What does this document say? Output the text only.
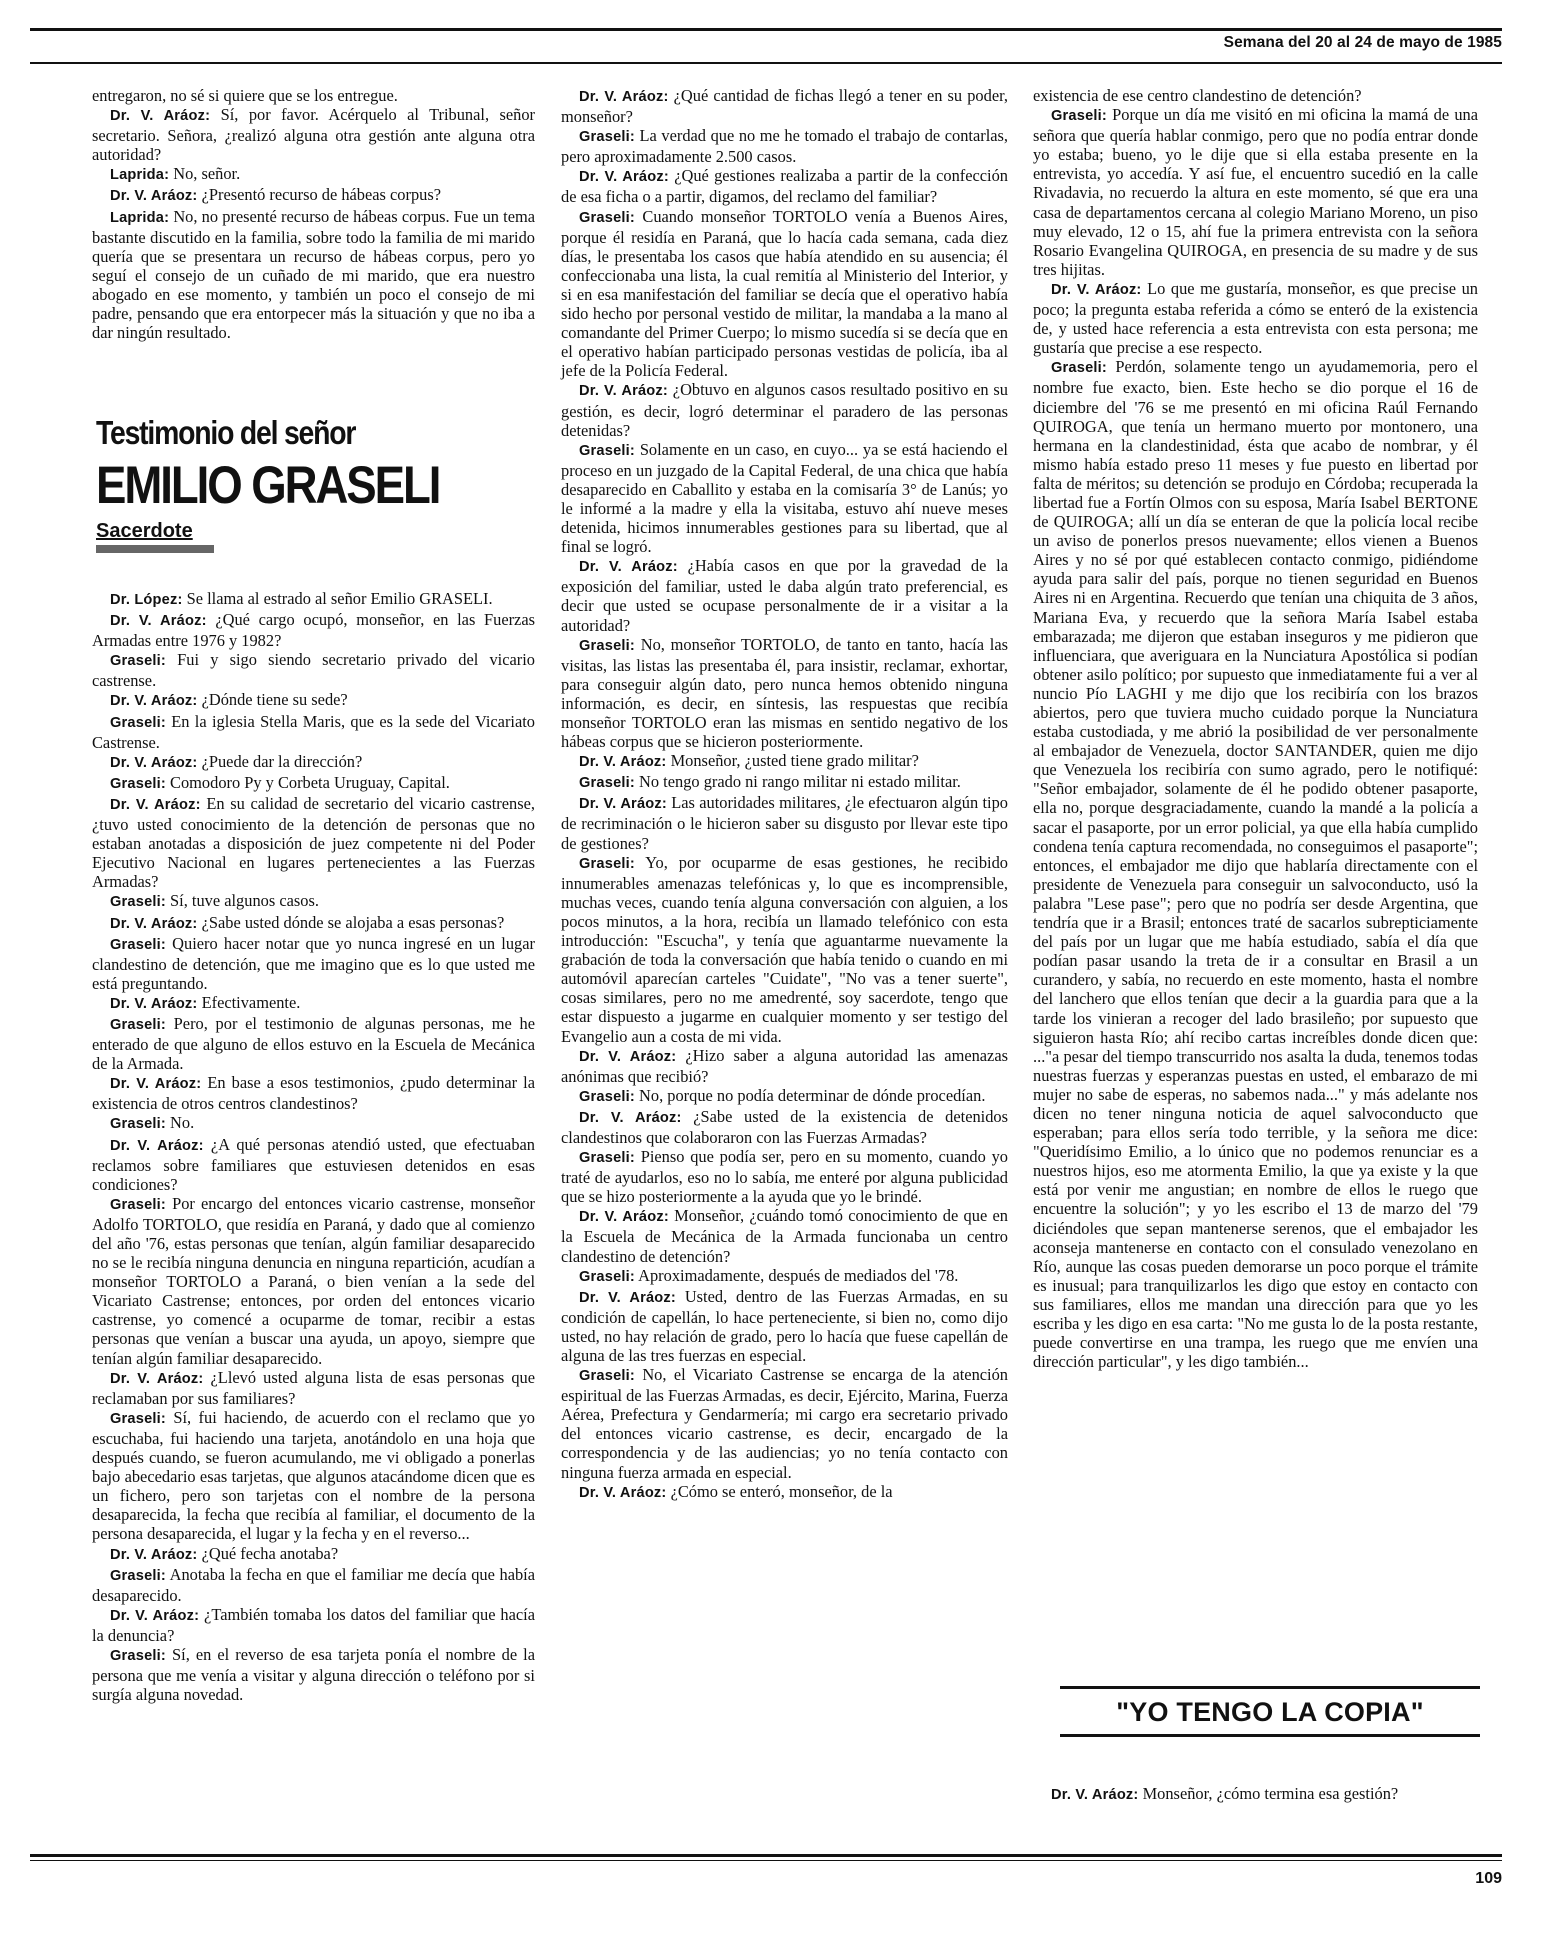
Semana del 20 al 24 de mayo de 1985

entregaron, no sé si quiere que se los entregue.

Dr. V. Aráoz: Sí, por favor. Acérquelo al Tribunal, señor secretario. Señora, ¿realizó alguna otra gestión ante alguna otra autoridad?

Laprida: No, señor.

Dr. V. Aráoz: ¿Presentó recurso de hábeas corpus?

Laprida: No, no presenté recurso de hábeas corpus. Fue un tema bastante discutido en la familia, sobre todo la familia de mi marido quería que se presentara un recurso de hábeas corpus, pero yo seguí el consejo de un cuñado de mi marido, que era nuestro abogado en ese momento, y también un poco el consejo de mi padre, pensando que era entorpecer más la situación y que no iba a dar ningún resultado.

Testimonio del señor
EMILIO GRASELI
Sacerdote

Dr. López: Se llama al estrado al señor Emilio GRASELI.

Dr. V. Aráoz: ¿Qué cargo ocupó, monseñor, en las Fuerzas Armadas entre 1976 y 1982?

Graseli: Fui y sigo siendo secretario privado del vicario castrense.

Dr. V. Aráoz: ¿Dónde tiene su sede?

Graseli: En la iglesia Stella Maris, que es la sede del Vicariato Castrense.

Dr. V. Aráoz: ¿Puede dar la dirección?

Graseli: Comodoro Py y Corbeta Uruguay, Capital.

Dr. V. Aráoz: En su calidad de secretario del vicario castrense, ¿tuvo usted conocimiento de la detención de personas que no estaban anotadas a disposición de juez competente ni del Poder Ejecutivo Nacional en lugares pertenecientes a las Fuerzas Armadas?

Graseli: Sí, tuve algunos casos.

Dr. V. Aráoz: ¿Sabe usted dónde se alojaba a esas personas?

Graseli: Quiero hacer notar que yo nunca ingresé en un lugar clandestino de detención, que me imagino que es lo que usted me está preguntando.

Dr. V. Aráoz: Efectivamente.

Graseli: Pero, por el testimonio de algunas personas, me he enterado de que alguno de ellos estuvo en la Escuela de Mecánica de la Armada.

Dr. V. Aráoz: En base a esos testimonios, ¿pudo determinar la existencia de otros centros clandestinos?

Graseli: No.

Dr. V. Aráoz: ¿A qué personas atendió usted, que efectuaban reclamos sobre familiares que estuviesen detenidos en esas condiciones?

Graseli: Por encargo del entonces vicario castrense, monseñor Adolfo TORTOLO, que residía en Paraná, y dado que al comienzo del año '76, estas personas que tenían, algún familiar desaparecido no se le recibía ninguna denuncia en ninguna repartición, acudían a monseñor TORTOLO a Paraná, o bien venían a la sede del Vicariato Castrense; entonces, por orden del entonces vicario castrense, yo comencé a ocuparme de tomar, recibir a estas personas que venían a buscar una ayuda, un apoyo, siempre que tenían algún familiar desaparecido.

Dr. V. Aráoz: ¿Llevó usted alguna lista de esas personas que reclamaban por sus familiares?

Graseli: Sí, fui haciendo, de acuerdo con el reclamo que yo escuchaba, fui haciendo una tarjeta, anotándolo en una hoja que después cuando, se fueron acumulando, me vi obligado a ponerlas bajo abecedario esas tarjetas, que algunos atacándome dicen que es un fichero, pero son tarjetas con el nombre de la persona desaparecida, la fecha que recibía al familiar, el documento de la persona desaparecida, el lugar y la fecha y en el reverso...

Dr. V. Aráoz: ¿Qué fecha anotaba?

Graseli: Anotaba la fecha en que el familiar me decía que había desaparecido.

Dr. V. Aráoz: ¿También tomaba los datos del familiar que hacía la denuncia?

Graseli: Sí, en el reverso de esa tarjeta ponía el nombre de la persona que me venía a visitar y alguna dirección o teléfono por si surgía alguna novedad.

Dr. V. Aráoz: ¿Qué cantidad de fichas llegó a tener en su poder, monseñor?

Graseli: La verdad que no me he tomado el trabajo de contarlas, pero aproximadamente 2.500 casos.

Dr. V. Aráoz: ¿Qué gestiones realizaba a partir de la confección de esa ficha o a partir, digamos, del reclamo del familiar?

Graseli: Cuando monseñor TORTOLO venía a Buenos Aires, porque él residía en Paraná, que lo hacía cada semana, cada diez días, le presentaba los casos que había atendido en su ausencia; él confeccionaba una lista, la cual remitía al Ministerio del Interior, y si en esa manifestación del familiar se decía que el operativo había sido hecho por personal vestido de militar, la mandaba a la mano al comandante del Primer Cuerpo; lo mismo sucedía si se decía que en el operativo habían participado personas vestidas de policía, iba al jefe de la Policía Federal.

Dr. V. Aráoz: ¿Obtuvo en algunos casos resultado positivo en su gestión, es decir, logró determinar el paradero de las personas detenidas?

Graseli: Solamente en un caso, en cuyo... ya se está haciendo el proceso en un juzgado de la Capital Federal, de una chica que había desaparecido en Caballito y estaba en la comisaría 3° de Lanús; yo le informé a la madre y ella la visitaba, estuvo ahí nueve meses detenida, hicimos innumerables gestiones para su libertad, que al final se logró.

Dr. V. Aráoz: ¿Había casos en que por la gravedad de la exposición del familiar, usted le daba algún trato preferencial, es decir que usted se ocupase personalmente de ir a visitar a la autoridad?

Graseli: No, monseñor TORTOLO, de tanto en tanto, hacía las visitas, las listas las presentaba él, para insistir, reclamar, exhortar, para conseguir algún dato, pero nunca hemos obtenido ninguna información, es decir, en síntesis, las respuestas que recibía monseñor TORTOLO eran las mismas en sentido negativo de los hábeas corpus que se hicieron posteriormente.

Dr. V. Aráoz: Monseñor, ¿usted tiene grado militar?

Graseli: No tengo grado ni rango militar ni estado militar.

Dr. V. Aráoz: Las autoridades militares, ¿le efectuaron algún tipo de recriminación o le hicieron saber su disgusto por llevar este tipo de gestiones?

Graseli: Yo, por ocuparme de esas gestiones, he recibido innumerables amenazas telefónicas y, lo que es incomprensible, muchas veces, cuando tenía alguna conversación con alguien, a los pocos minutos, a la hora, recibía un llamado telefónico con esta introducción: "Escucha", y tenía que aguantarme nuevamente la grabación de toda la conversación que había tenido o cuando en mi automóvil aparecían carteles "Cuidate", "No vas a tener suerte", cosas similares, pero no me amedrenté, soy sacerdote, tengo que estar dispuesto a jugarme en cualquier momento y ser testigo del Evangelio aun a costa de mi vida.

Dr. V. Aráoz: ¿Hizo saber a alguna autoridad las amenazas anónimas que recibió?

Graseli: No, porque no podía determinar de dónde procedían.

Dr. V. Aráoz: ¿Sabe usted de la existencia de detenidos clandestinos que colaboraron con las Fuerzas Armadas?

Graseli: Pienso que podía ser, pero en su momento, cuando yo traté de ayudarlos, eso no lo sabía, me enteré por alguna publicidad que se hizo posteriormente a la ayuda que yo le brindé.

Dr. V. Aráoz: Monseñor, ¿cuándo tomó conocimiento de que en la Escuela de Mecánica de la Armada funcionaba un centro clandestino de detención?

Graseli: Aproximadamente, después de mediados del '78.

Dr. V. Aráoz: Usted, dentro de las Fuerzas Armadas, en su condición de capellán, lo hace perteneciente, si bien no, como dijo usted, no hay relación de grado, pero lo hacía que fuese capellán de alguna de las tres fuerzas en especial.

Graseli: No, el Vicariato Castrense se encarga de la atención espiritual de las Fuerzas Armadas, es decir, Ejército, Marina, Fuerza Aérea, Prefectura y Gendarmería; mi cargo era secretario privado del entonces vicario castrense, es decir, encargado de la correspondencia y de las audiencias; yo no tenía contacto con ninguna fuerza armada en especial.

Dr. V. Aráoz: ¿Cómo se enteró, monseñor, de la

existencia de ese centro clandestino de detención?

Graseli: Porque un día me visitó en mi oficina la mamá de una señora que quería hablar conmigo, pero que no podía entrar donde yo estaba; bueno, yo le dije que si ella estaba presente en la entrevista, yo accedía. Y así fue, el encuentro sucedió en la calle Rivadavia, no recuerdo la altura en este momento, sé que era una casa de departamentos cercana al colegio Mariano Moreno, un piso muy elevado, 12 o 15, ahí fue la primera entrevista con la señora Rosario Evangelina QUIROGA, en presencia de su madre y de sus tres hijitas.

Dr. V. Aráoz: Lo que me gustaría, monseñor, es que precise un poco; la pregunta estaba referida a cómo se enteró de la existencia de, y usted hace referencia a esta entrevista con esta persona; me gustaría que precise a ese respecto.

Graseli: Perdón, solamente tengo un ayudamemoria, pero el nombre fue exacto, bien. Este hecho se dio porque el 16 de diciembre del '76 se me presentó en mi oficina Raúl Fernando QUIROGA, que tenía un hermano muerto por montonero, una hermana en la clandestinidad, ésta que acabo de nombrar, y él mismo había estado preso 11 meses y fue puesto en libertad por falta de méritos; su detención se produjo en Córdoba; recuperada la libertad fue a Fortín Olmos con su esposa, María Isabel BERTONE de QUIROGA; allí un día se enteran de que la policía local recibe un aviso de ponerlos presos nuevamente; ellos vienen a Buenos Aires y no sé por qué establecen contacto conmigo, pidiéndome ayuda para salir del país, porque no tienen seguridad en Buenos Aires ni en Argentina. Recuerdo que tenían una chiquita de 3 años, Mariana Eva, y recuerdo que la señora María Isabel estaba embarazada; me dijeron que estaban inseguros y me pidieron que influenciara, que averiguara en la Nunciatura Apostólica si podían obtener asilo político; por supuesto que inmediatamente fui a ver al nuncio Pío LAGHI y me dijo que los recibiría con los brazos abiertos, pero que tuviera mucho cuidado porque la Nunciatura estaba custodiada, y me abrió la posibilidad de ver personalmente al embajador de Venezuela, doctor SANTANDER, quien me dijo que Venezuela los recibiría con sumo agrado, pero le notifiqué: "Señor embajador, solamente de él he podido obtener pasaporte, ella no, porque desgraciadamente, cuando la mandé a la policía a sacar el pasaporte, por un error policial, ya que ella había cumplido condena tenía captura recomendada, no conseguimos el pasaporte"; entonces, el embajador me dijo que hablaría directamente con el presidente de Venezuela para conseguir un salvoconducto, usó la palabra "Lese pase"; pero que no podría ser desde Argentina, que tendría que ir a Brasil; entonces traté de sacarlos subrepticiamente del país por un lugar que me había estudiado, sabía el día que podían pasar usando la treta de ir a consultar en Brasil a un curandero, y sabía, no recuerdo en este momento, hasta el nombre del lanchero que ellos tenían que decir a la guardia para que a la tarde los vinieran a recoger del lado brasileño; por supuesto que siguieron hasta Río; ahí recibo cartas increíbles donde dicen que: ..."a pesar del tiempo transcurrido nos asalta la duda, tenemos todas nuestras fuerzas y esperanzas puestas en usted, el embarazo de mi mujer no sabe de esperas, no sabemos nada..." y más adelante nos dicen no tener ninguna noticia de aquel salvoconducto que esperaban; para ellos sería todo terrible, y la señora me dice: "Queridísimo Emilio, a lo único que no podemos renunciar es a nuestros hijos, eso me atormenta Emilio, la que ya existe y la que está por venir me angustian; en nombre de ellos le ruego que encuentre la solución"; y yo les escribo el 13 de marzo del '79 diciéndoles que sepan mantenerse serenos, que el embajador les aconseja mantenerse en contacto con el consulado venezolano en Río, aunque las cosas pueden demorarse un poco porque el trámite es inusual; para tranquilizarlos les digo que estoy en contacto con sus familiares, ellos me mandan una dirección para que yo les escriba y les digo en esa carta: "No me gusta lo de la posta restante, puede convertirse en una trampa, les ruego que me envíen una dirección particular", y les digo también...

"YO TENGO LA COPIA"

Dr. V. Aráoz: Monseñor, ¿cómo termina esa gestión?

109
